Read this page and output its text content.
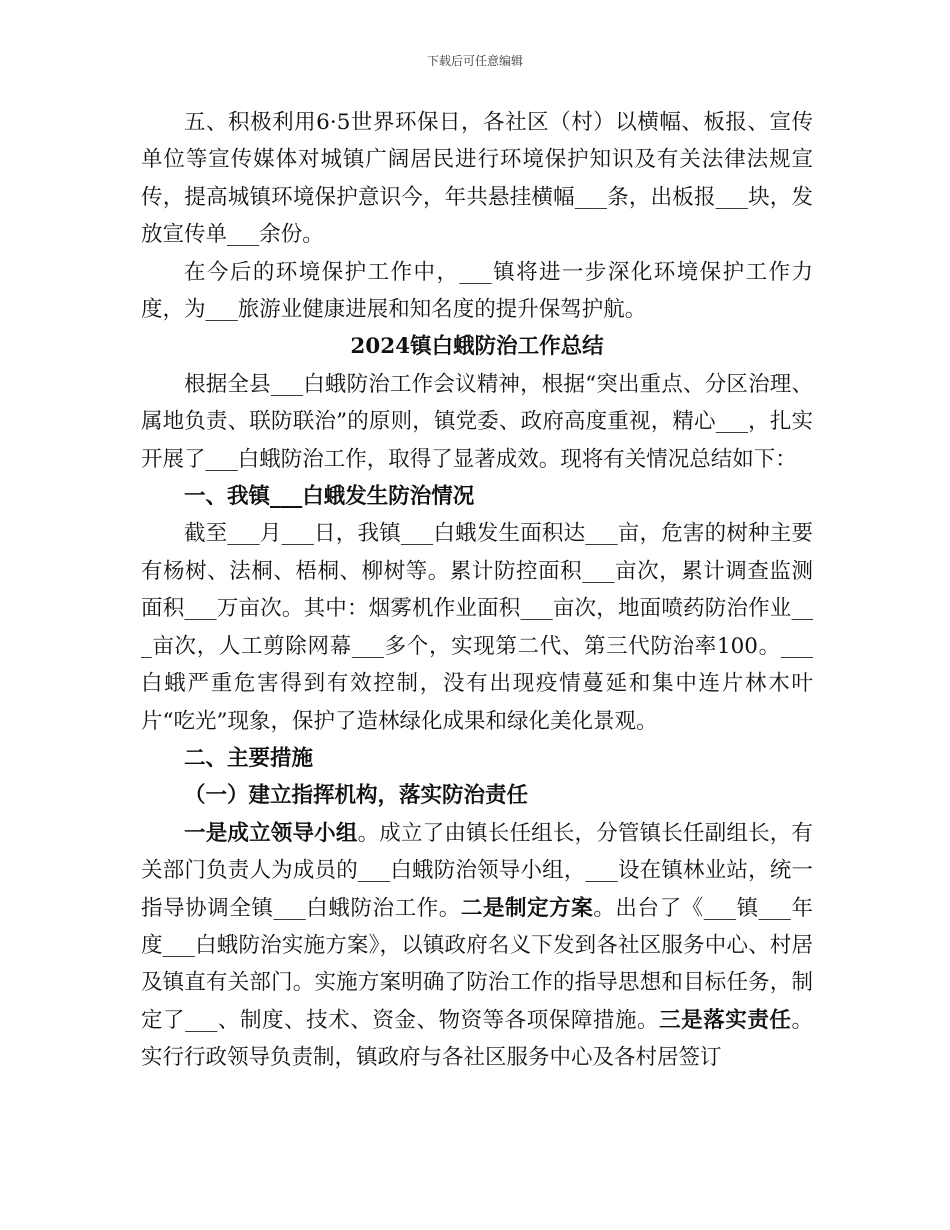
下载后可任意编辑

五、积极利用6·5世界环保日，各社区（村）以横幅、板报、宣传单位等宣传媒体对城镇广阔居民进行环境保护知识及有关法律法规宣传，提高城镇环境保护意识今，年共悬挂横幅___条，出板报___块，发放宣传单___余份。

在今后的环境保护工作中，___镇将进一步深化环境保护工作力度，为___旅游业健康进展和知名度的提升保驾护航。

2024镇白蛾防治工作总结

根据全县___白蛾防治工作会议精神，根据“突出重点、分区治理、属地负责、联防联治”的原则，镇党委、政府高度重视，精心___，扎实开展了___白蛾防治工作，取得了显著成效。现将有关情况总结如下：

一、我镇___白蛾发生防治情况

截至___月___日，我镇___白蛾发生面积达___亩，危害的树种主要有杨树、法桐、梧桐、柳树等。累计防控面积___亩次，累计调查监测面积___万亩次。其中：烟雾机作业面积___亩次，地面喷药防治作业___亩次，人工剪除网幕___多个，实现第二代、第三代防治率100。___白蛾严重危害得到有效控制，没有出现疫情蔓延和集中连片林木叶片“吃光”现象，保护了造林绿化成果和绿化美化景观。

二、主要措施

（一）建立指挥机构，落实防治责任

一是成立领导小组。成立了由镇长任组长，分管镇长任副组长，有关部门负责人为成员的___白蛾防治领导小组，___设在镇林业站，统一指导协调全镇___白蛾防治工作。二是制定方案。出台了《___镇___年度___白蛾防治实施方案》，以镇政府名义下发到各社区服务中心、村居及镇直有关部门。实施方案明确了防治工作的指导思想和目标任务，制定了___、制度、技术、资金、物资等各项保障措施。三是落实责任。实行行政领导负责制，镇政府与各社区服务中心及各村居签订
